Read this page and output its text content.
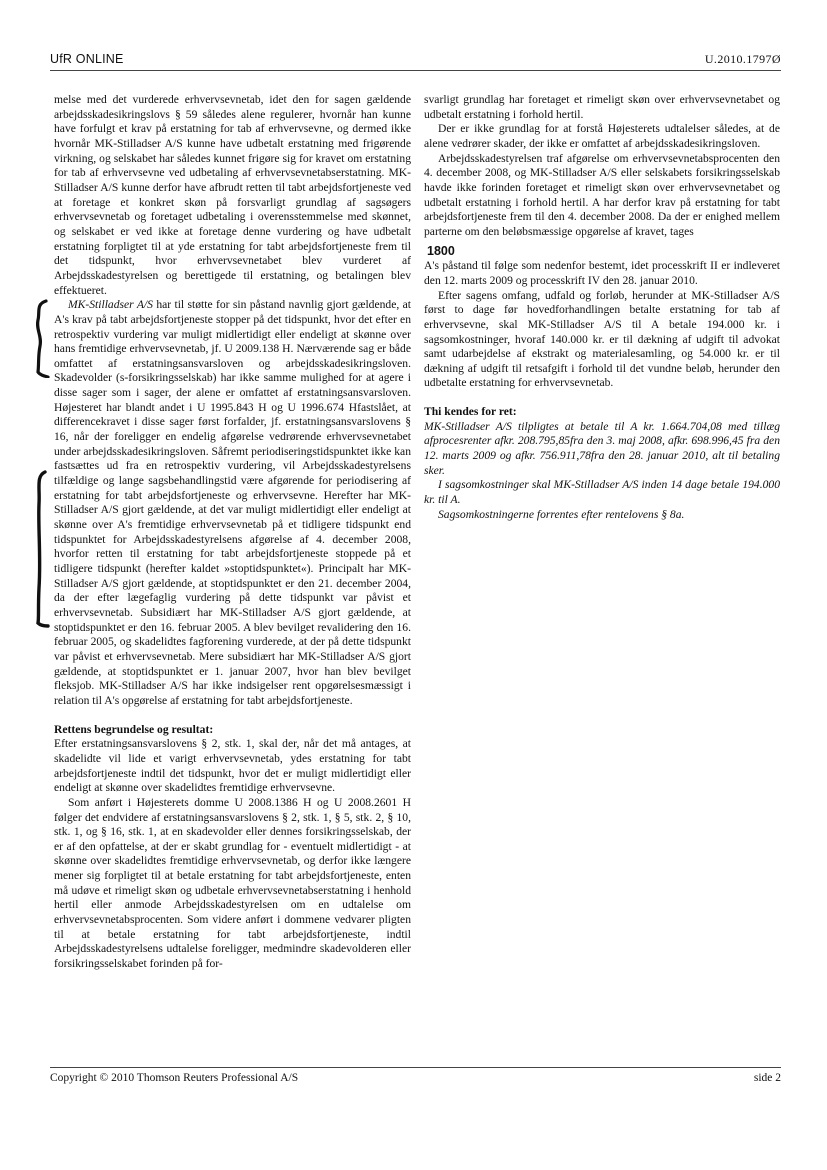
UfR ONLINE	U.2010.1797Ø

melse med det vurderede erhvervsevnetab, idet den for sagen gældende arbejdsskadesikringslovs § 59 således alene regulerer, hvornår han kunne have forfulgt et krav på erstatning for tab af erhvervsevne, og dermed ikke hvornår MK-Stilladser A/S kunne have udbetalt erstatning med frigørende virkning, og selskabet har således kunnet frigøre sig for kravet om erstatning for tab af erhvervsevne ved udbetaling af erhvervsevnetabserstatning. MK-Stilladser A/S kunne derfor have afbrudt retten til tabt arbejdsfortjeneste ved at foretage et konkret skøn på forsvarligt grundlag af sagsøgers erhvervsevnetab og foretaget udbetaling i overensstemmelse med skønnet, og selskabet er ved ikke at foretage denne vurdering og have udbetalt erstatning forpligtet til at yde erstatning for tabt arbejdsfortjeneste frem til det tidspunkt, hvor erhvervsevnetabet blev vurderet af Arbejdsskadestyrelsen og berettigede til erstatning, og betalingen blev effektueret.

MK-Stilladser A/S har til støtte for sin påstand navnlig gjort gældende, at A's krav på tabt arbejdsfortjeneste stopper på det tidspunkt, hvor det efter en retrospektiv vurdering var muligt midlertidigt eller endeligt at skønne over hans fremtidige erhvervsevnetab, jf. U 2009.138 H. Nærværende sag er både omfattet af erstatningsansvarsloven og arbejdsskadesikringsloven. Skadevolder (s-forsikringsselskab) har ikke samme mulighed for at agere i disse sager som i sager, der alene er omfattet af erstatningsansvarsloven. Højesteret har blandt andet i U 1995.843 H og U 1996.674 Hfastslået, at differencekravet i disse sager først forfalder, jf. erstatningsansvarslovens § 16, når der foreligger en endelig afgørelse vedrørende erhvervsevnetabet under arbejdsskadesikringsloven. Såfremt periodiseringstidspunktet ikke kan fastsættes ud fra en retrospektiv vurdering, vil Arbejdsskadestyrelsens tilfældige og lange sagsbehandlingstid være afgørende for periodisering af erstatning for tabt arbejdsfortjeneste og erhvervsevne. Herefter har MK-Stilladser A/S gjort gældende, at det var muligt midlertidigt eller endeligt at skønne over A's fremtidige erhvervsevnetab på et tidligere tidspunkt end tidspunktet for Arbejdsskadestyrelsens afgørelse af 4. december 2008, hvorfor retten til erstatning for tabt arbejdsfortjeneste stoppede på et tidligere tidspunkt (herefter kaldet »stoptidspunktet«). Principalt har MK-Stilladser A/S gjort gældende, at stoptidspunktet er den 21. december 2004, da der efter lægefaglig vurdering på dette tidspunkt var påvist et erhvervsevnetab. Subsidiært har MK-Stilladser A/S gjort gældende, at stoptidspunktet er den 16. februar 2005. A blev bevilget revalidering den 16. februar 2005, og skadelidtes fagforening vurderede, at der på dette tidspunkt var påvist et erhvervsevnetab. Mere subsidiært har MK-Stilladser A/S gjort gældende, at stoptidspunktet er 1. januar 2007, hvor han blev bevilget fleksjob. MK-Stilladser A/S har ikke indsigelser rent opgørelsesmæssigt i relation til A's opgørelse af erstatning for tabt arbejdsfortjeneste.

Rettens begrundelse og resultat:

Efter erstatningsansvarslovens § 2, stk. 1, skal der, når det må antages, at skadelidte vil lide et varigt erhvervsevnetab, ydes erstatning for tabt arbejdsfortjeneste indtil det tidspunkt, hvor det er muligt midlertidigt eller endeligt at skønne over skadelidtes fremtidige erhvervsevne.

Som anført i Højesterets domme U 2008.1386 H og U 2008.2601 H følger det endvidere af erstatningsansvarslovens § 2, stk. 1, § 5, stk. 2, § 10, stk. 1, og § 16, stk. 1, at en skadevolder eller dennes forsikringsselskab, der er af den opfattelse, at der er skabt grundlag for - eventuelt midlertidigt - at skønne over skadelidtes fremtidige erhvervsevnetab, og derfor ikke længere mener sig forpligtet til at betale erstatning for tabt arbejdsfortjeneste, enten må udøve et rimeligt skøn og udbetale erhvervsevnetabserstatning i henhold hertil eller anmode Arbejdsskadestyrelsen om en udtalelse om erhvervsevnetabsprocenten. Som videre anført i dommene vedvarer pligten til at betale erstatning for tabt arbejdsfortjeneste, indtil Arbejdsskadestyrelsens udtalelse foreligger, medmindre skadevolderen eller forsikringsselskabet forinden på for-

svarligt grundlag har foretaget et rimeligt skøn over erhvervsevnetabet og udbetalt erstatning i forhold hertil.

Der er ikke grundlag for at forstå Højesterets udtalelser således, at de alene vedrører skader, der ikke er omfattet af arbejdsskadesikringsloven.

Arbejdsskadestyrelsen traf afgørelse om erhvervsevnetabsprocenten den 4. december 2008, og MK-Stilladser A/S eller selskabets forsikringsselskab havde ikke forinden foretaget et rimeligt skøn over erhvervsevnetabet og udbetalt erstatning i forhold hertil. A har derfor krav på erstatning for tabt arbejdsfortjeneste frem til den 4. december 2008. Da der er enighed mellem parterne om den beløbsmæssige opgørelse af kravet, tages

1800

A's påstand til følge som nedenfor bestemt, idet processkrift II er indleveret den 12. marts 2009 og processkrift IV den 28. januar 2010.

Efter sagens omfang, udfald og forløb, herunder at MK-Stilladser A/S først to dage før hovedforhandlingen betalte erstatning for tab af erhvervsevne, skal MK-Stilladser A/S til A betale 194.000 kr. i sagsomkostninger, hvoraf 140.000 kr. er til dækning af udgift til advokat samt udarbejdelse af ekstrakt og materialesamling, og 54.000 kr. er til dækning af udgift til retsafgift i forhold til det vundne beløb, herunder den udbetalte erstatning for erhvervsevnetab.

Thi kendes for ret:

MK-Stilladser A/S tilpligtes at betale til A kr. 1.664.704,08 med tillæg afprocesrenter afkr. 208.795,85fra den 3. maj 2008, afkr. 698.996,45 fra den 12. marts 2009 og afkr. 756.911,78fra den 28. januar 2010, alt til betaling sker.

I sagsomkostninger skal MK-Stilladser A/S inden 14 dage betale 194.000 kr. til A.

Sagsomkostningerne forrentes efter rentelovens § 8a.

Copyright © 2010 Thomson Reuters Professional A/S	side 2
